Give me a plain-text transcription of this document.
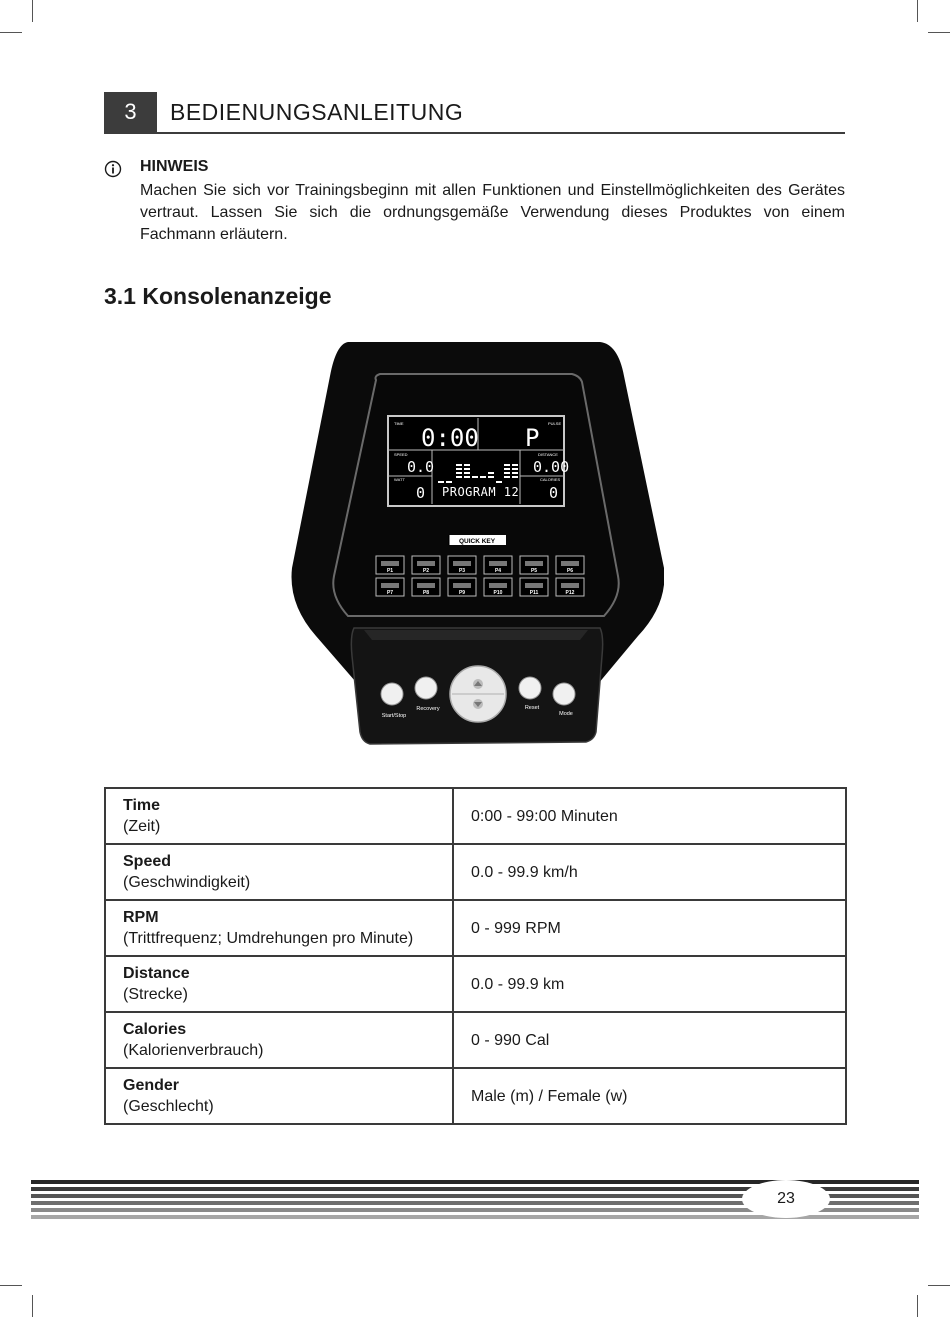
3	BEDIENUNGSANLEITUNG
HINWEIS

Machen Sie sich vor Trainingsbeginn mit allen Funktionen und Einstellmöglichkeiten des Gerätes vertraut. Lassen Sie sich die ordnungsgemäße Verwendung dieses Produktes von einem Fachmann erläutern.

3.1 Konsolenanzeige
TIME
0:00
PULSE
P
SPEED
0.0
DISTANCE
0.00
WATT
0
CALORIES
0
PROGRAM 12
QUICK KEY
P1	P2	P3	P4	P5	P6
P7	P8	P9	P10	P11	P12
Start/Stop
Recovery	Reset
Mode
Time
(Zeit)	0:00 - 99:00 Minuten

Speed
(Geschwindigkeit)	0.0 - 99.9 km/h

RPM
(Trittfrequenz; Umdrehungen pro Minute)	0 - 999 RPM

Distance
(Strecke)	0.0 - 99.9 km

Calories
(Kalorienverbrauch)	0 - 990 Cal

Gender
(Geschlecht)	Male (m) / Female (w)
23
